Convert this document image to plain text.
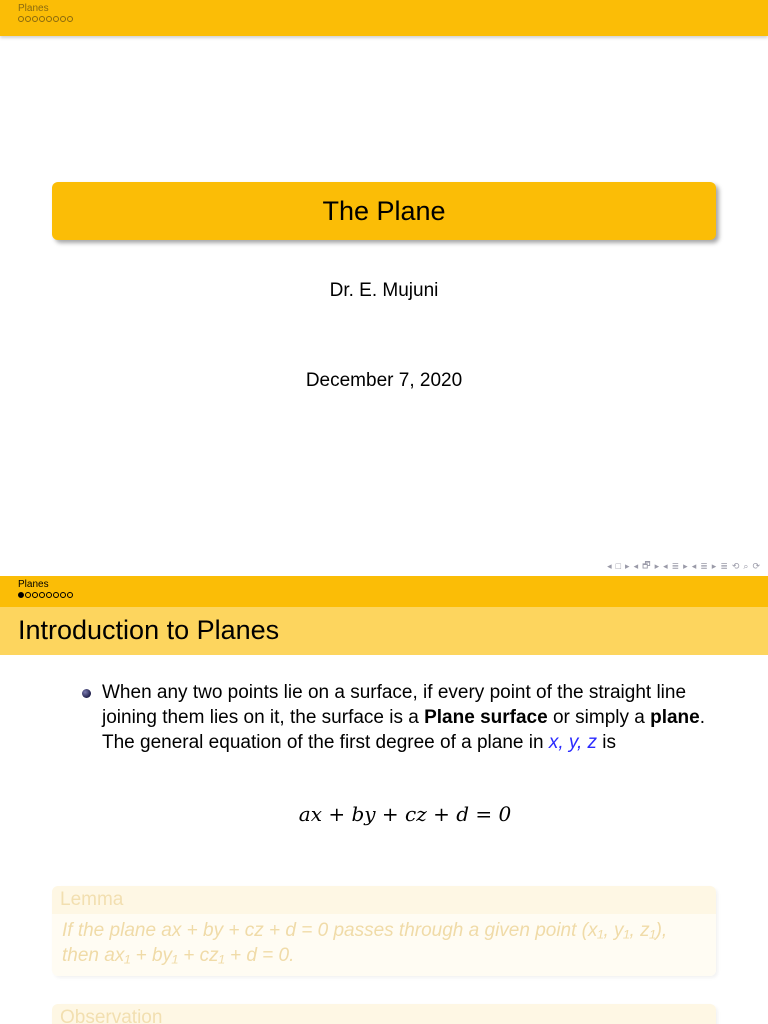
Planes
The Plane
Dr. E. Mujuni
December 7, 2020
◂ □ ▸ ◂ 🗗 ▸ ◂ ≣ ▸ ◂ ≣ ▸ ≣ ⟲ ⌕ ⟳
Planes
Introduction to Planes
When any two points lie on a surface, if every point of the straight line joining them lies on it, the surface is a Plane surface or simply a plane.
The general equation of the first degree of a plane in x, y, z is
ax + by + cz + d = 0
Lemma
If the plane ax + by + cz + d = 0 passes through a given point (x₁, y₁, z₁), then ax₁ + by₁ + cz₁ + d = 0.
Observation
